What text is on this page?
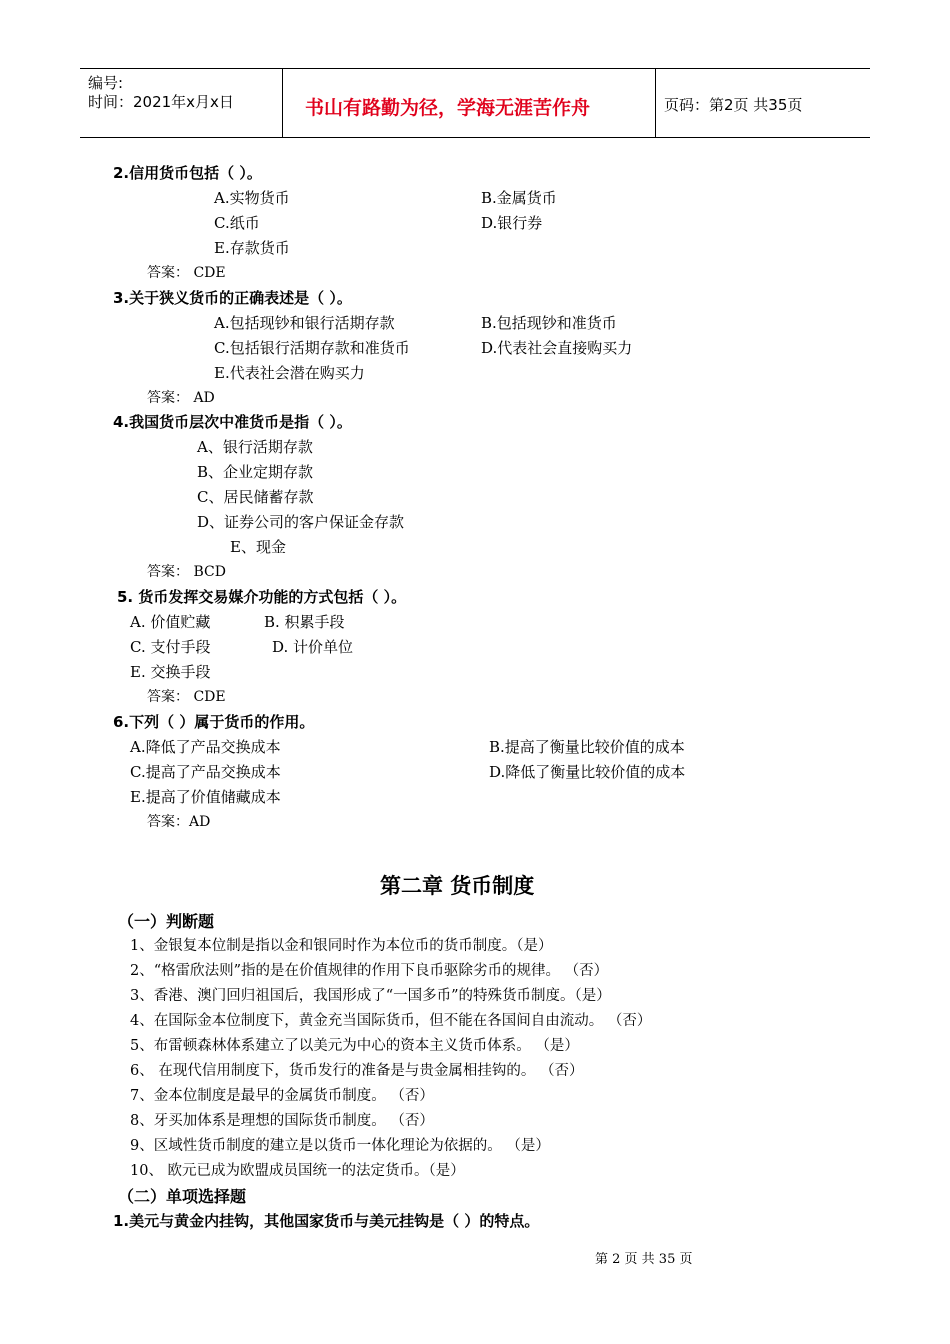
编号:
时间：2021年x月x日	书山有路勤为径，学海无涯苦作舟	页码：第2页 共35页
2.信用货币包括（ ）。
A.实物货币	B.金属货币
C.纸币	D.银行券
E.存款货币
答案： CDE
3.关于狭义货币的正确表述是（ ）。
A.包括现钞和银行活期存款	B.包括现钞和准货币
C.包括银行活期存款和准货币	D.代表社会直接购买力
E.代表社会潜在购买力
答案： AD
4.我国货币层次中准货币是指（ ）。
A、银行活期存款
B、企业定期存款
C、居民储蓄存款
D、证券公司的客户保证金存款
E、现金
答案： BCD
5. 货币发挥交易媒介功能的方式包括（ ）。
A. 价值贮藏	B. 积累手段
C. 支付手段	D. 计价单位
E. 交换手段
答案： CDE
6.下列（ ）属于货币的作用。
A.降低了产品交换成本	B.提高了衡量比较价值的成本
C.提高了产品交换成本	D.降低了衡量比较价值的成本
E.提高了价值储藏成本
答案：AD
第二章 货币制度
（一）判断题
1、金银复本位制是指以金和银同时作为本位币的货币制度。（是）
2、“格雷欣法则”指的是在价值规律的作用下良币驱除劣币的规律。 （否）
3、香港、澳门回归祖国后，我国形成了“一国多币”的特殊货币制度。（是）
4、在国际金本位制度下，黄金充当国际货币，但不能在各国间自由流动。 （否）
5、布雷顿森林体系建立了以美元为中心的资本主义货币体系。 （是）
6、 在现代信用制度下，货币发行的准备是与贵金属相挂钩的。 （否）
7、金本位制度是最早的金属货币制度。 （否）
8、牙买加体系是理想的国际货币制度。 （否）
9、区域性货币制度的建立是以货币一体化理论为依据的。 （是）
10、 欧元已成为欧盟成员国统一的法定货币。（是）
（二）单项选择题
1.美元与黄金内挂钩，其他国家货币与美元挂钩是（ ）的特点。
第 2 页 共 35 页
